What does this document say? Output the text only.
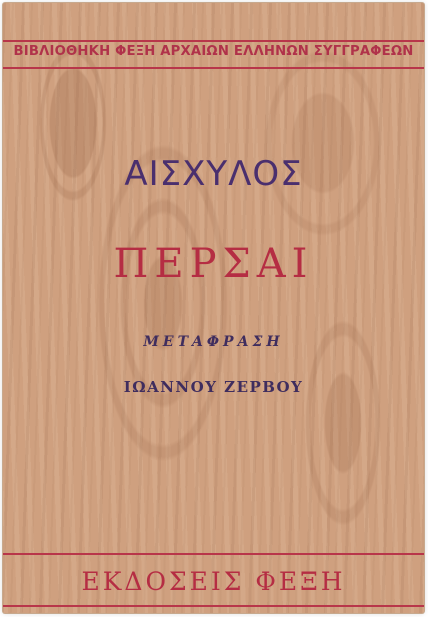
ΒΙΒΛΙΟΘΗΚΗ ΦΕΞΗ ΑΡΧΑΙΩΝ ΕΛΛΗΝΩΝ ΣΥΓΓΡΑΦΕΩΝ
ΑΙΣΧΥΛΟΣ
ΠΕΡΣΑΙ
ΜΕΤΑΦΡΑΣΗ
ΙΩΑΝΝΟΥ ΖΕΡΒΟΥ
ΕΚΔΟΣΕΙΣ ΦΕΞΗ
